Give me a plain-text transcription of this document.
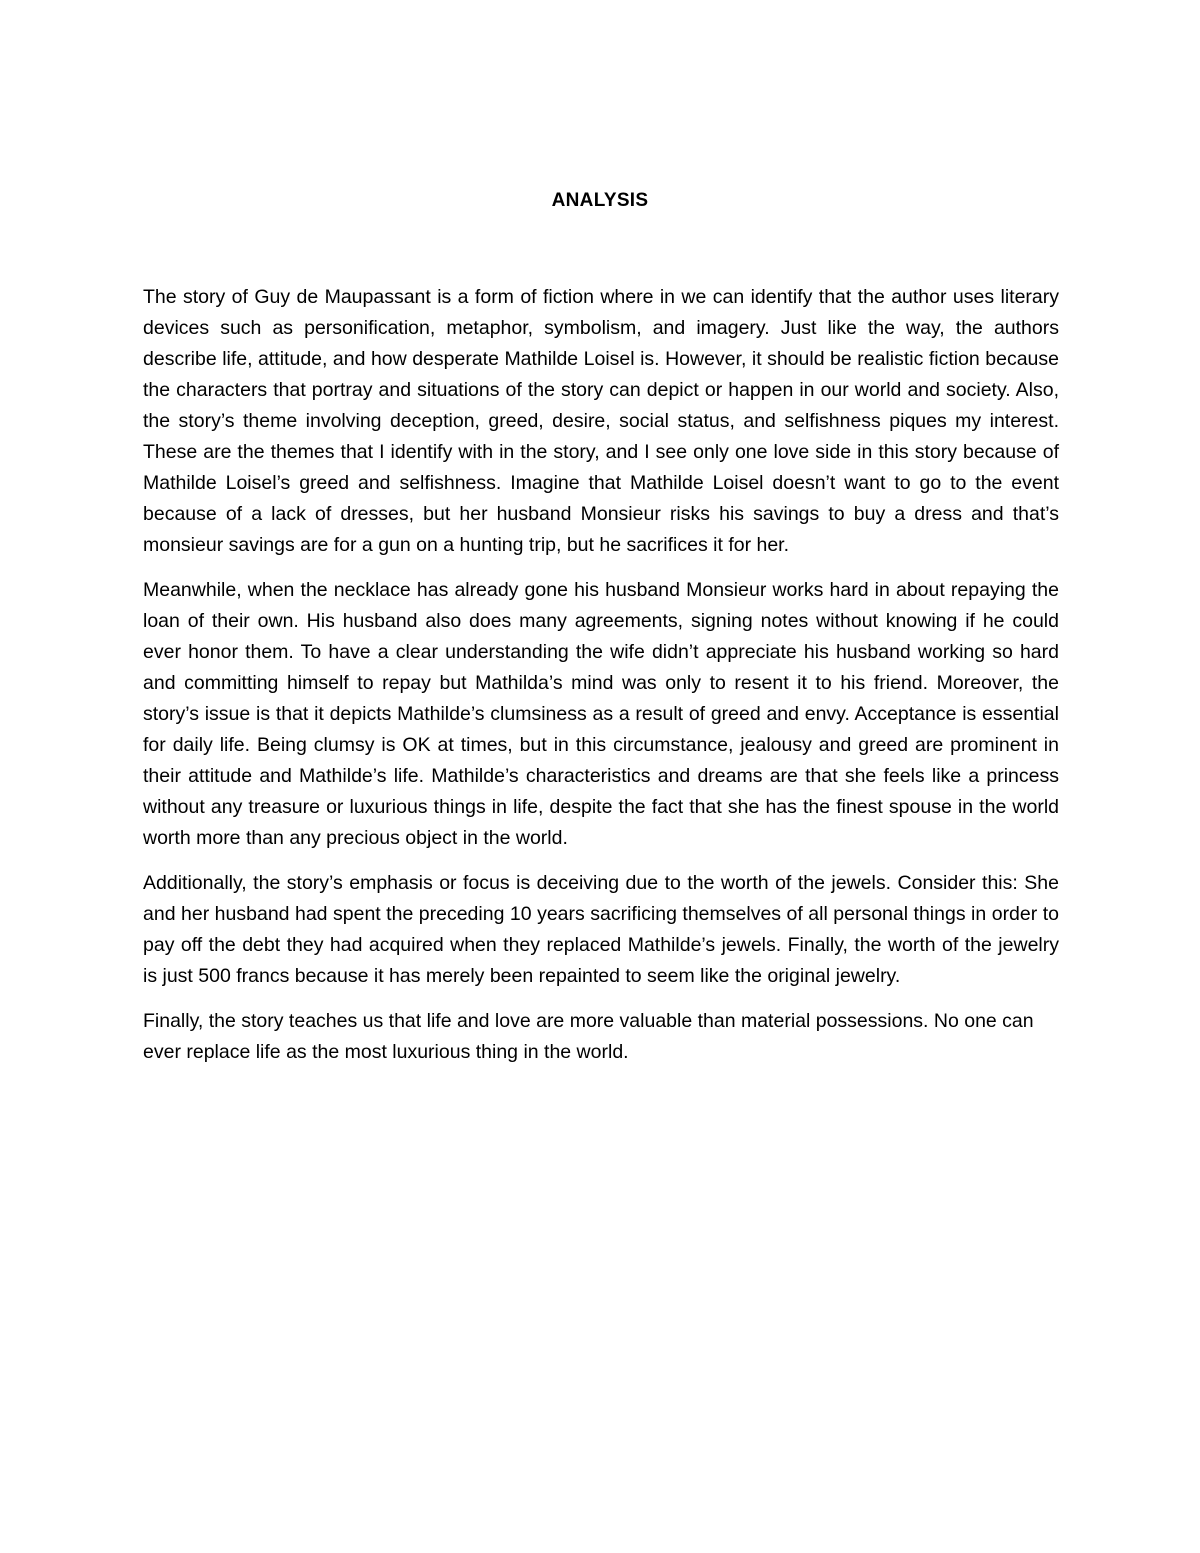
ANALYSIS

The story of Guy de Maupassant is a form of fiction where in we can identify that the author uses literary devices such as personification, metaphor, symbolism, and imagery. Just like the way, the authors describe life, attitude, and how desperate Mathilde Loisel is. However, it should be realistic fiction because the characters that portray and situations of the story can depict or happen in our world and society. Also, the story’s theme involving deception, greed, desire, social status, and selfishness piques my interest. These are the themes that I identify with in the story, and I see only one love side in this story because of Mathilde Loisel’s greed and selfishness. Imagine that Mathilde Loisel doesn’t want to go to the event because of a lack of dresses, but her husband Monsieur risks his savings to buy a dress and that’s monsieur savings are for a gun on a hunting trip, but he sacrifices it for her.

Meanwhile, when the necklace has already gone his husband Monsieur works hard in about repaying the loan of their own. His husband also does many agreements, signing notes without knowing if he could ever honor them. To have a clear understanding the wife didn’t appreciate his husband working so hard and committing himself to repay but Mathilda’s mind was only to resent it to his friend. Moreover, the story’s issue is that it depicts Mathilde’s clumsiness as a result of greed and envy. Acceptance is essential for daily life. Being clumsy is OK at times, but in this circumstance, jealousy and greed are prominent in their attitude and Mathilde’s life. Mathilde’s characteristics and dreams are that she feels like a princess without any treasure or luxurious things in life, despite the fact that she has the finest spouse in the world worth more than any precious object in the world.

Additionally, the story’s emphasis or focus is deceiving due to the worth of the jewels. Consider this: She and her husband had spent the preceding 10 years sacrificing themselves of all personal things in order to pay off the debt they had acquired when they replaced Mathilde’s jewels. Finally, the worth of the jewelry is just 500 francs because it has merely been repainted to seem like the original jewelry.

Finally, the story teaches us that life and love are more valuable than material possessions. No one can ever replace life as the most luxurious thing in the world.
